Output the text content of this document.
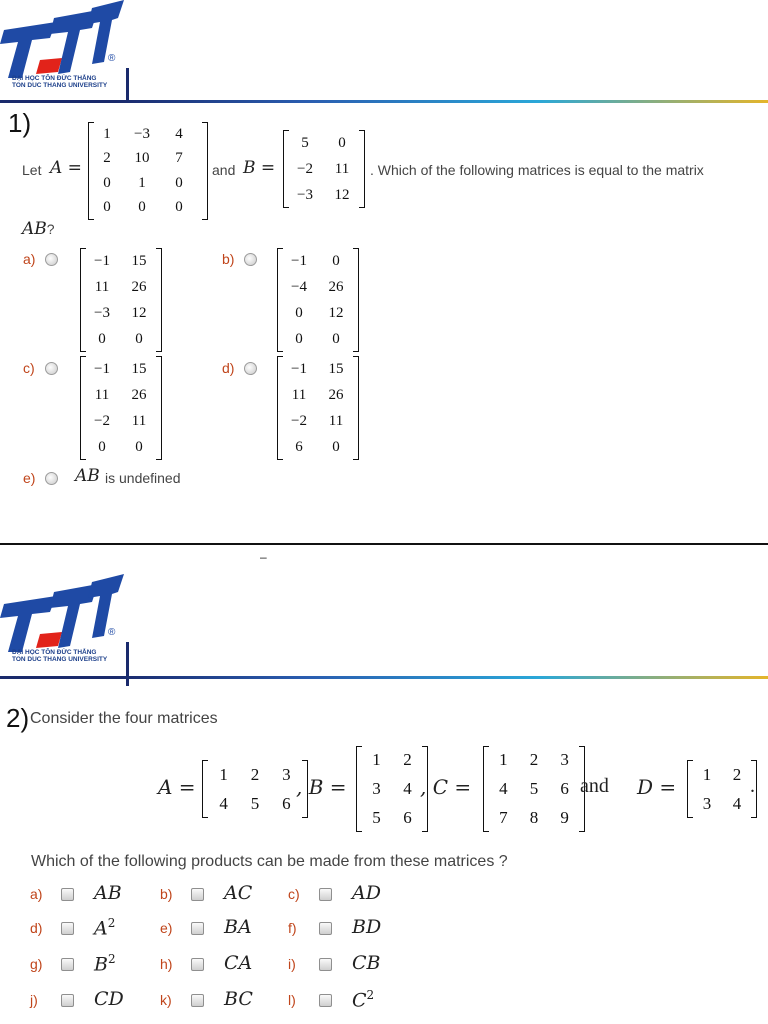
®
ĐẠI HỌC TÔN ĐỨC THẮNG
TON DUC THANG UNIVERSITY
1)
Let A =
1	−3	4
2	10	7
0	1	0
0	0	0
and B =
5	0
−2	11
−3	12
. Which of the following matrices is equal to the matrix
AB?
a)	−1	15
11	26
−3	12
0	0
b)	−1	0
−4	26
0	12
0	0
c)	−1	15
11	26
−2	11
0	0
d)	−1	15
11	26
−2	11
6	0
e) AB is undefined
–
®
ĐẠI HỌC TÔN ĐỨC THẮNG
TON DUC THANG UNIVERSITY
2) Consider the four matrices
A =
1	2	3
4	5	6
, B =
1	2
3	4
5	6
, C =
1	2	3
4	5	6
7	8	9
and D =
1	2
3	4
.
Which of the following products can be made from these matrices ?
a)	AB	b)	AC	c)	AD
d)	$A^2$	e)	BA	f)	BD
g)	$B^2$	h)	CA	i)	CB
j)	CD	k)	BC	l)	$C^2$
